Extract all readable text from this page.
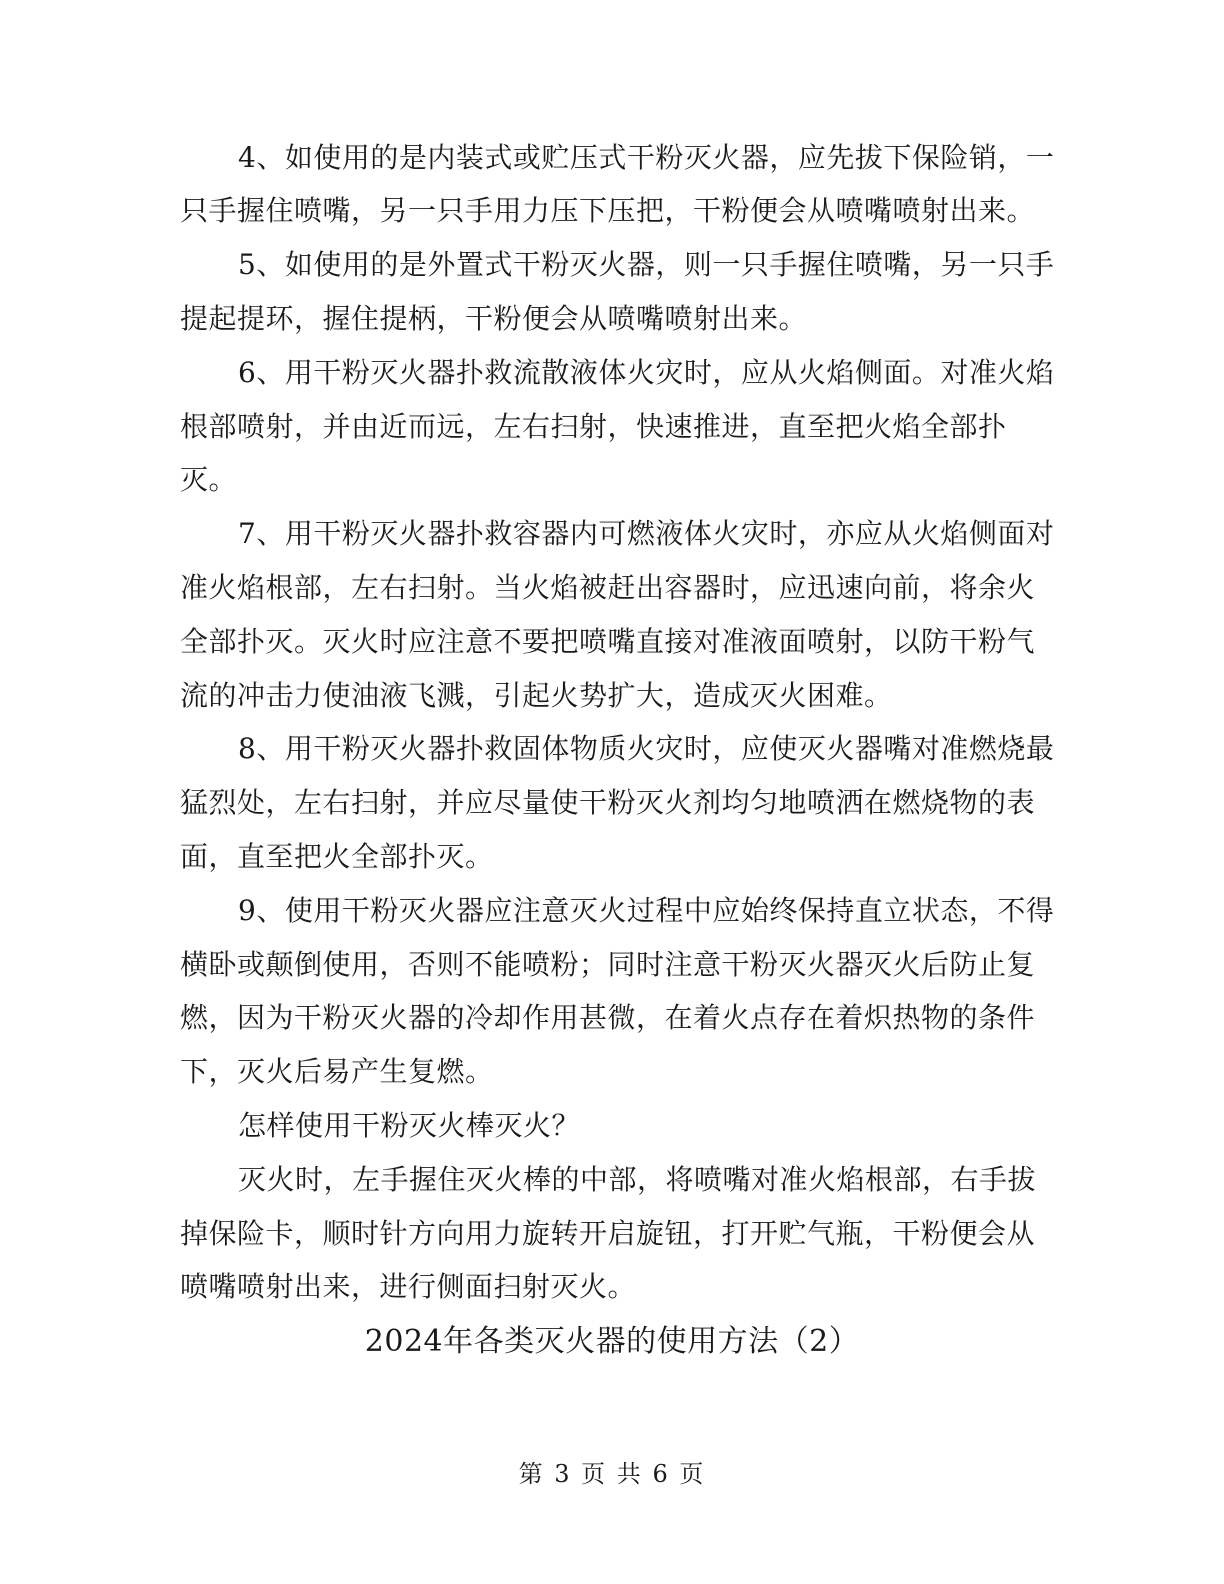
4、如使用的是内装式或贮压式干粉灭火器，应先拔下保险销，一
只手握住喷嘴，另一只手用力压下压把，干粉便会从喷嘴喷射出来。
5、如使用的是外置式干粉灭火器，则一只手握住喷嘴，另一只手
提起提环，握住提柄，干粉便会从喷嘴喷射出来。
6、用干粉灭火器扑救流散液体火灾时，应从火焰侧面。对准火焰
根部喷射，并由近而远，左右扫射，快速推进，直至把火焰全部扑
灭。
7、用干粉灭火器扑救容器内可燃液体火灾时，亦应从火焰侧面对
准火焰根部，左右扫射。当火焰被赶出容器时，应迅速向前，将余火
全部扑灭。灭火时应注意不要把喷嘴直接对准液面喷射，以防干粉气
流的冲击力使油液飞溅，引起火势扩大，造成灭火困难。
8、用干粉灭火器扑救固体物质火灾时，应使灭火器嘴对准燃烧最
猛烈处，左右扫射，并应尽量使干粉灭火剂均匀地喷洒在燃烧物的表
面，直至把火全部扑灭。
9、使用干粉灭火器应注意灭火过程中应始终保持直立状态，不得
横卧或颠倒使用，否则不能喷粉；同时注意干粉灭火器灭火后防止复
燃，因为干粉灭火器的冷却作用甚微，在着火点存在着炽热物的条件
下，灭火后易产生复燃。
怎样使用干粉灭火棒灭火？
灭火时，左手握住灭火棒的中部，将喷嘴对准火焰根部，右手拔
掉保险卡，顺时针方向用力旋转开启旋钮，打开贮气瓶，干粉便会从
喷嘴喷射出来，进行侧面扫射灭火。
2024年各类灭火器的使用方法（2）
第 3 页 共 6 页
